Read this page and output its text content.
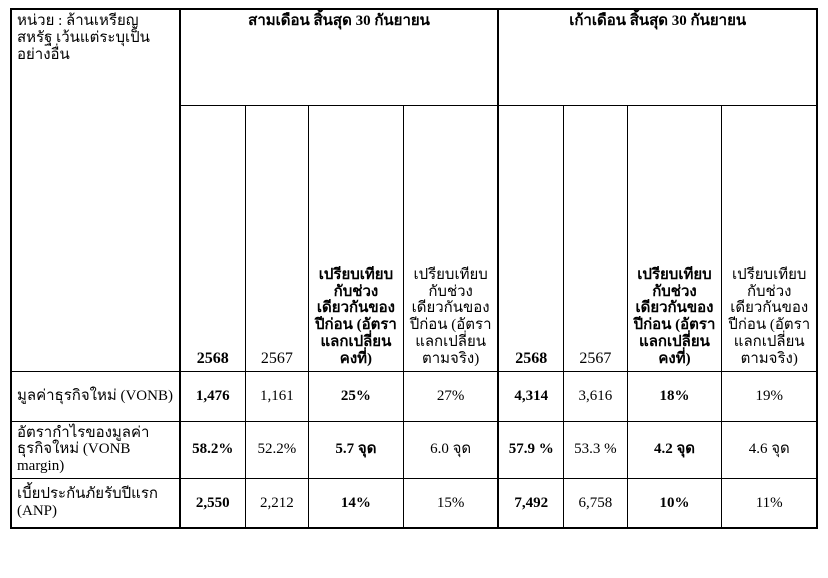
หน่วย : ล้านเหรียญสหรัฐ เว้นแต่ระบุเป็นอย่างอื่น	สามเดือน สิ้นสุด 30 กันยายน				เก้าเดือน สิ้นสุด 30 กันยายน			
	2568	2567	เปรียบเทียบกับช่วงเดียวกันของปีก่อน (อัตราแลกเปลี่ยนคงที่)	เปรียบเทียบกับช่วงเดียวกันของปีก่อน (อัตราแลกเปลี่ยนตามจริง)	2568	2567	เปรียบเทียบกับช่วงเดียวกันของปีก่อน (อัตราแลกเปลี่ยนคงที่)	เปรียบเทียบกับช่วงเดียวกันของปีก่อน (อัตราแลกเปลี่ยนตามจริง)
มูลค่าธุรกิจใหม่ (VONB)	1,476	1,161	25%	27%	4,314	3,616	18%	19%
อัตรากำไรของมูลค่าธุรกิจใหม่ (VONB margin)	58.2%	52.2%	5.7 จุด	6.0 จุด	57.9 %	53.3 %	4.2 จุด	4.6 จุด
เบี้ยประกันภัยรับปีแรก (ANP)	2,550	2,212	14%	15%	7,492	6,758	10%	11%
